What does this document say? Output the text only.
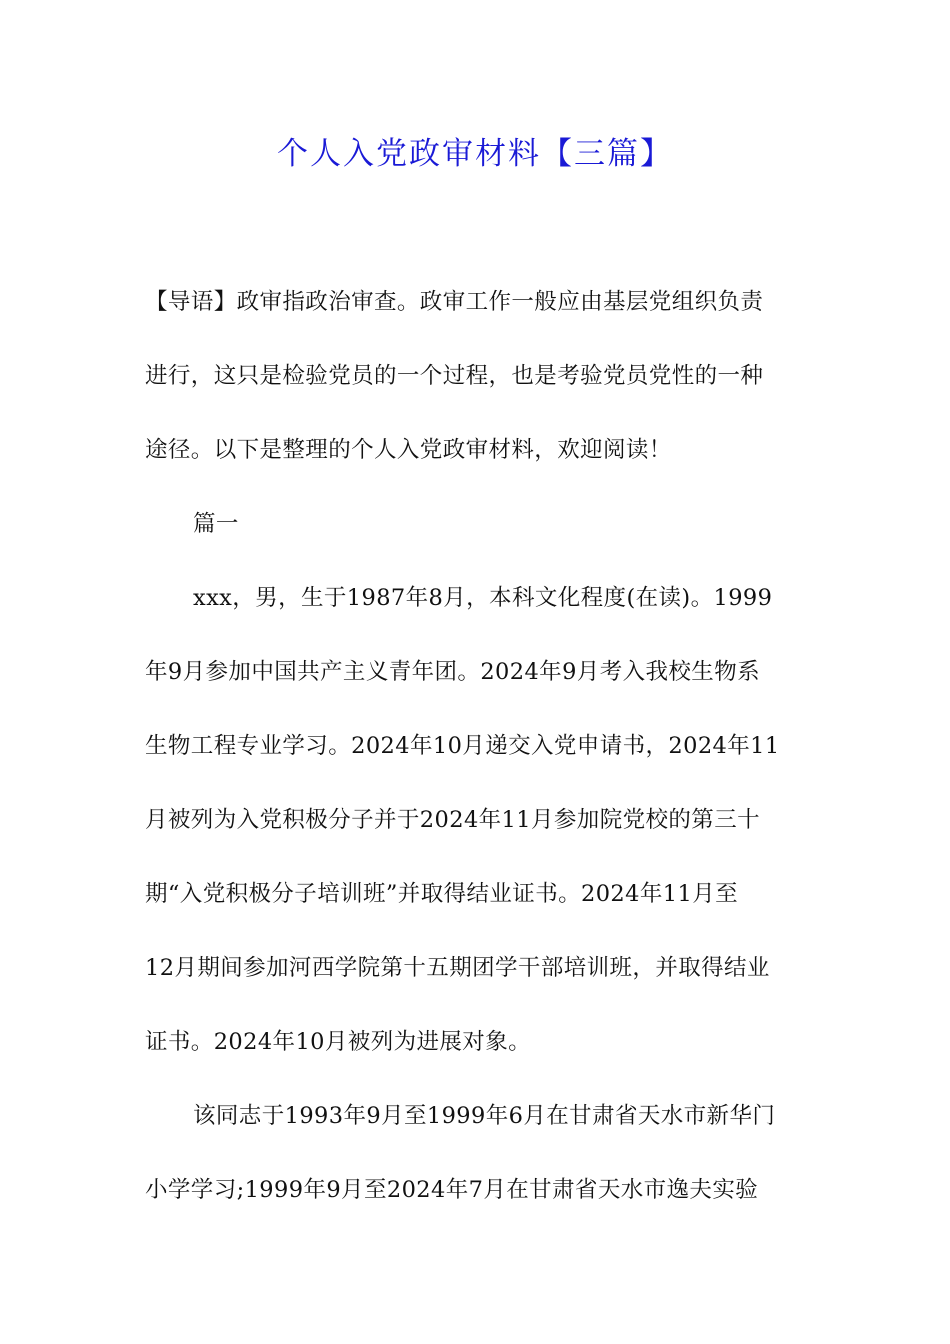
个人入党政审材料【三篇】
【导语】政审指政治审查。政审工作一般应由基层党组织负责
进行，这只是检验党员的一个过程，也是考验党员党性的一种
途径。以下是整理的个人入党政审材料，欢迎阅读！
篇一
xxx，男，生于1987年8月，本科文化程度(在读)。1999
年9月参加中国共产主义青年团。2024年9月考入我校生物系
生物工程专业学习。2024年10月递交入党申请书，2024年11
月被列为入党积极分子并于2024年11月参加院党校的第三十
期“入党积极分子培训班”并取得结业证书。2024年11月至
12月期间参加河西学院第十五期团学干部培训班，并取得结业
证书。2024年10月被列为进展对象。
该同志于1993年9月至1999年6月在甘肃省天水市新华门
小学学习;1999年9月至2024年7月在甘肃省天水市逸夫实验
